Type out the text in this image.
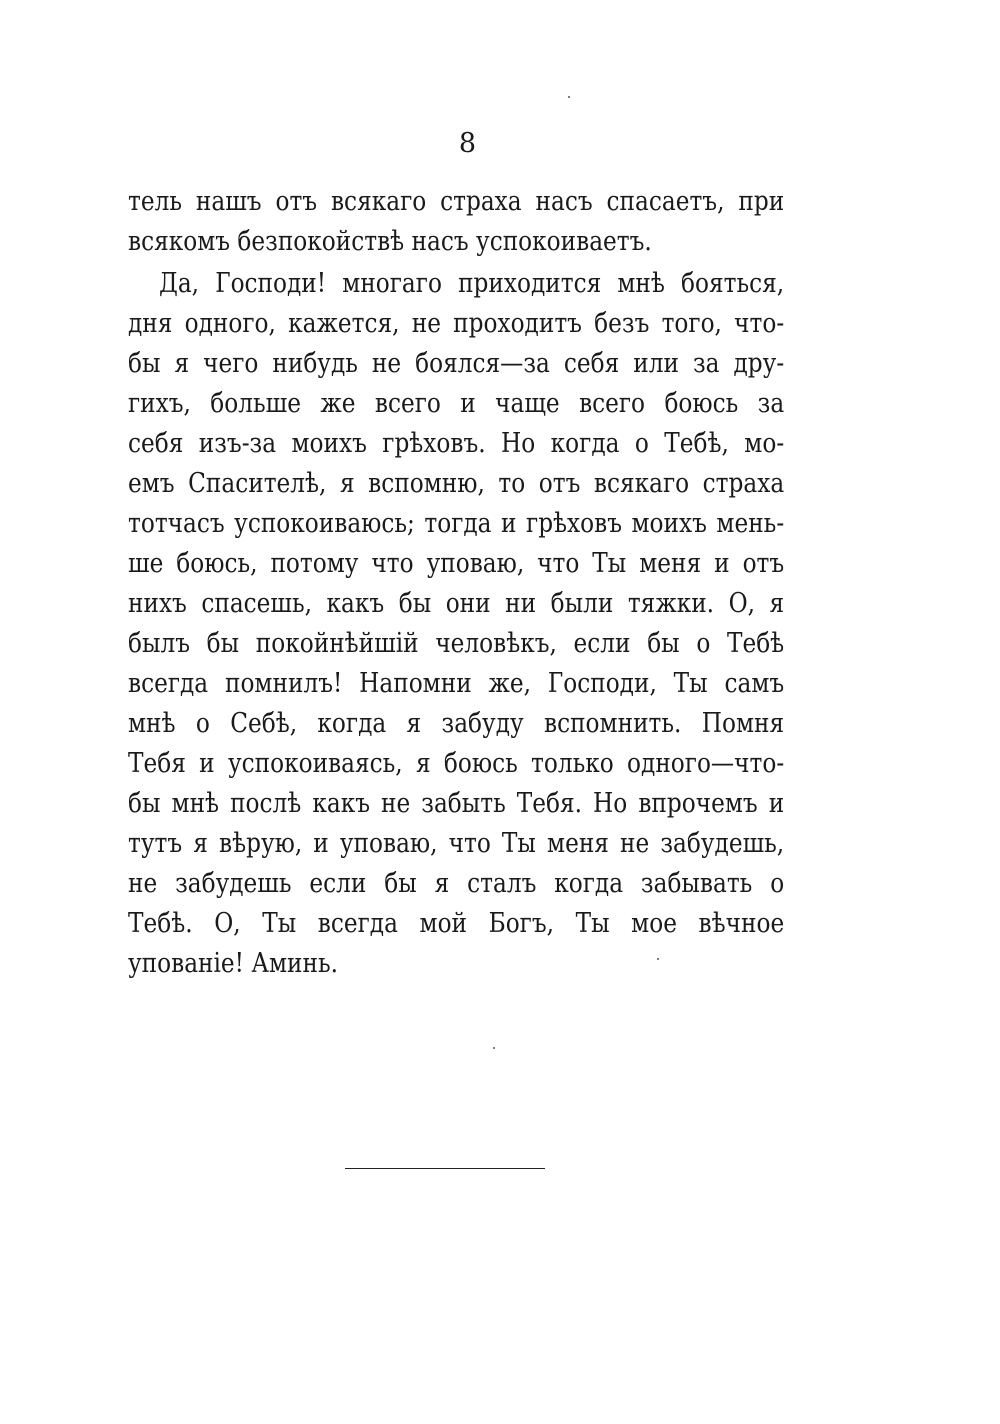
8
тель нашъ отъ всякаго страха насъ спасаетъ, при
всякомъ безпокойствѣ насъ успокоиваетъ.
Да, Господи! многаго приходится мнѣ бояться,
дня одного, кажется, не проходитъ безъ того, что-
бы я чего нибудь не боялся—за себя или за дру-
гихъ, больше же всего и чаще всего боюсь за
себя изъ-за моихъ грѣховъ. Но когда о Тебѣ, мо-
емъ Спасителѣ, я вспомню, то отъ всякаго страха
тотчасъ успокоиваюсь; тогда и грѣховъ моихъ мень-
ше боюсь, потому что уповаю, что Ты меня и отъ
нихъ спасешь, какъ бы они ни были тяжки. О, я
былъ бы покойнѣйшій человѣкъ, если бы о Тебѣ
всегда помнилъ! Напомни же, Господи, Ты самъ
мнѣ о Себѣ, когда я забуду вспомнить. Помня
Тебя и успокоиваясь, я боюсь только одного—что-
бы мнѣ послѣ какъ не забыть Тебя. Но впрочемъ и
тутъ я вѣрую, и уповаю, что Ты меня не забудешь,
не забудешь если бы я сталъ когда забывать о
Тебѣ. О, Ты всегда мой Богъ, Ты мое вѣчное
упованіе! Аминь.
